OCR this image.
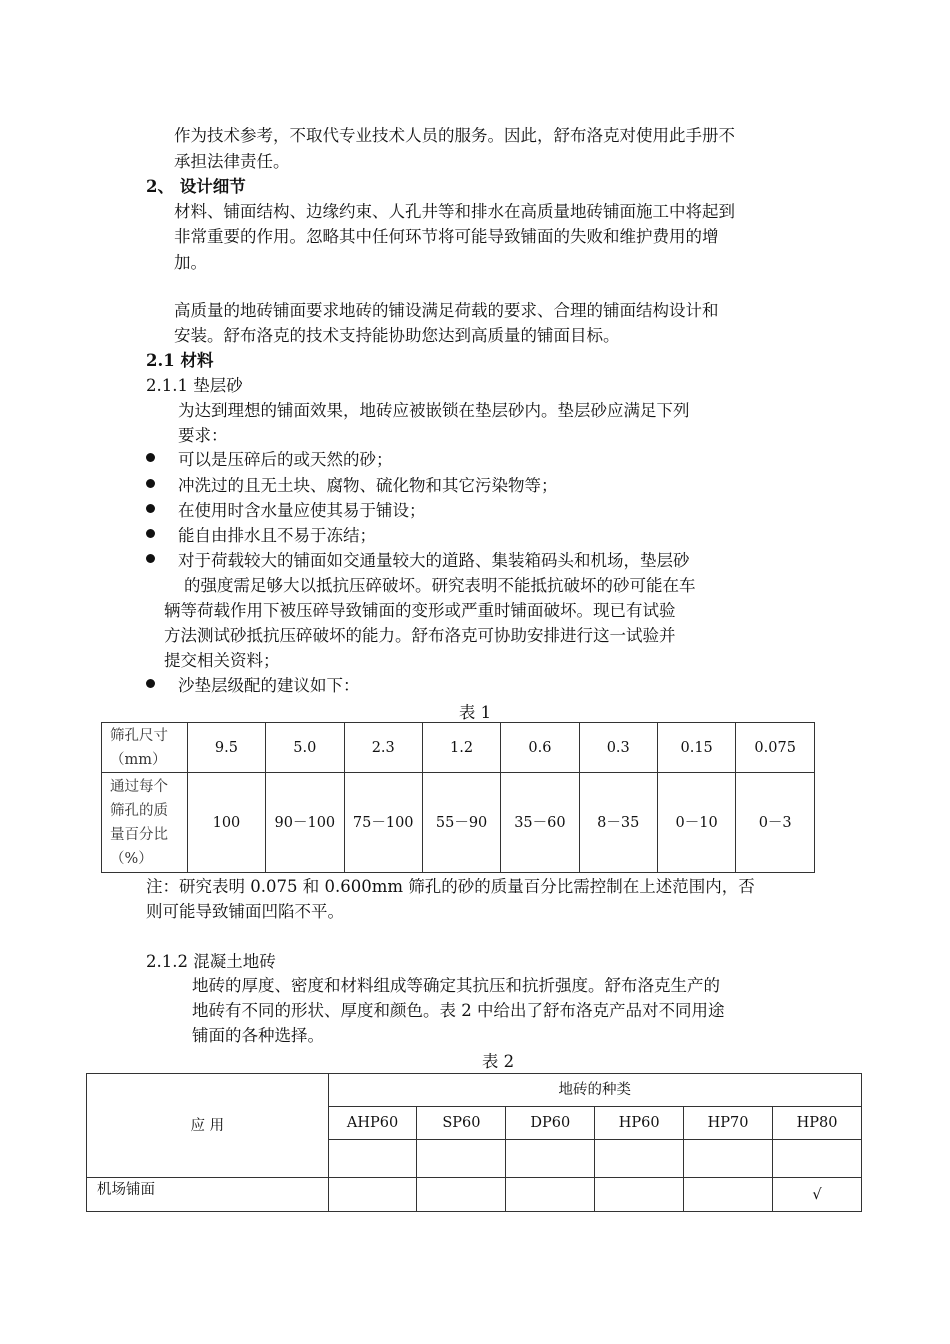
作为技术参考，不取代专业技术人员的服务。因此，舒布洛克对使用此手册不
承担法律责任。
2、 设计细节
材料、铺面结构、边缘约束、人孔井等和排水在高质量地砖铺面施工中将起到
非常重要的作用。忽略其中任何环节将可能导致铺面的失败和维护费用的增
加。
高质量的地砖铺面要求地砖的铺设满足荷载的要求、合理的铺面结构设计和
安装。舒布洛克的技术支持能协助您达到高质量的铺面目标。
2.1 材料
2.1.1 垫层砂
为达到理想的铺面效果，地砖应被嵌锁在垫层砂内。垫层砂应满足下列
要求：
可以是压碎后的或天然的砂；
冲洗过的且无土块、腐物、硫化物和其它污染物等；
在使用时含水量应使其易于铺设；
能自由排水且不易于冻结；
对于荷载较大的铺面如交通量较大的道路、集装箱码头和机场，垫层砂
的强度需足够大以抵抗压碎破坏。研究表明不能抵抗破坏的砂可能在车
辆等荷载作用下被压碎导致铺面的变形或严重时铺面破坏。现已有试验
方法测试砂抵抗压碎破坏的能力。舒布洛克可协助安排进行这一试验并
提交相关资料；
沙垫层级配的建议如下：
表 1
筛孔尺寸
（mm）	9.5	5.0	2.3	1.2	0.6	0.3	0.15	0.075

通过每个
筛孔的质
量百分比
（%）	100	90－100	75－100	55－90	35－60	8－35	0－10	0－3
注：研究表明 0.075 和 0.600mm 筛孔的砂的质量百分比需控制在上述范围内，否
则可能导致铺面凹陷不平。
2.1.2 混凝土地砖
地砖的厚度、密度和材料组成等确定其抗压和抗折强度。舒布洛克生产的
地砖有不同的形状、厚度和颜色。表 2 中给出了舒布洛克产品对不同用途
铺面的各种选择。
表 2
应 用	地砖的种类					
	AHP60	SP60	DP60	HP60	HP70	HP80

机场铺面						√
